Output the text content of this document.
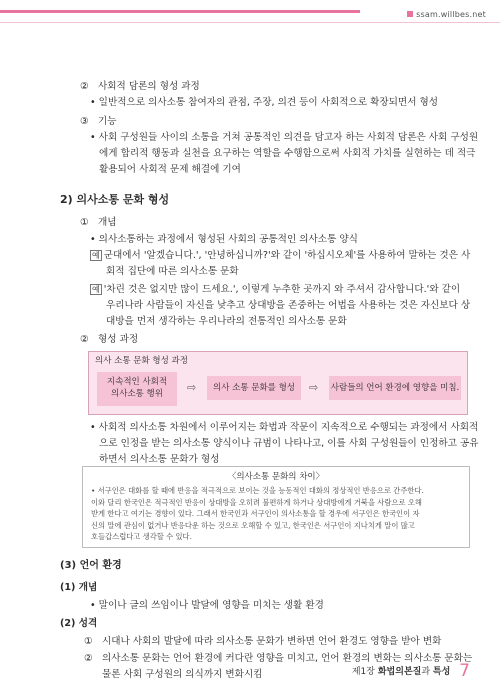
ssam.willbes.net
② 사회적 담론의 형성 과정
• 일반적으로 의사소통 참여자의 관점, 주장, 의견 등이 사회적으로 확장되면서 형성
③ 기능
• 사회 구성원들 사이의 소통을 거쳐 공통적인 의견을 담고자 하는 사회적 담론은 사회 구성원
에게 합리적 행동과 실천을 요구하는 역할을 수행함으로써 사회적 가치를 실현하는 데 적극
활용되어 사회적 문제 해결에 기여
2) 의사소통 문화 형성
① 개념
• 의사소통하는 과정에서 형성된 사회의 공통적인 의사소통 양식
예 군대에서 '알겠습니다.', '안녕하십니까?'와 같이 '하십시오체'를 사용하여 말하는 것은 사
회적 집단에 따른 의사소통 문화
예 '차린 것은 없지만 많이 드세요.', 이렇게 누추한 곳까지 와 주셔서 감사합니다.'와 같이
우리나라 사람들이 자신을 낮추고 상대방을 존중하는 어법을 사용하는 것은 자신보다 상
대방을 먼저 생각하는 우리나라의 전통적인 의사소통 문화
② 형성 과정
의사 소통 문화 형성 과정
지속적인 사회적
의사소통 행위	⇨	의사 소통 문화를 형성	⇨ 사람들의 언어 환경에 영향을 미침.
• 사회적 의사소통 차원에서 이루어지는 화법과 작문이 지속적으로 수행되는 과정에서 사회적
으로 인정을 받는 의사소통 양식이나 규범이 나타나고, 이를 사회 구성원들이 인정하고 공유
하면서 의사소통 문화가 형성
〈의사소통 문화의 차이〉
• 서구인은 대화를 할 때에 반응을 적극적으로 보이는 것을 능동적인 대화의 정상적인 반응으로 간주한다.
이와 달리 한국인은 적극적인 반응이 상대방을 오히려 불편하게 하거나 상대방에게 거북을 사람으로 오해
받게 한다고 여기는 경향이 있다. 그래서 한국인과 서구인이 의사소통을 할 경우에 서구인은 한국인이 자
신의 말에 관심이 없거나 반응다운 하는 것으로 오해할 수 있고, 한국인은 서구인이 지나치게 말이 많고
호들갑스럽다고 생각할 수 있다.
(3) 언어 환경
(1) 개념
• 말이나 글의 쓰임이나 발달에 영향을 미치는 생활 환경
(2) 성격
① 시대나 사회의 발달에 따라 의사소통 문화가 변하면 언어 환경도 영향을 받아 변화
② 의사소통 문화는 언어 환경에 커다란 영향을 미치고, 언어 환경의 변화는 의사소통 문화는
물론 사회 구성원의 의식까지 변화시킴	제1장 화법의본질과 특성 7
